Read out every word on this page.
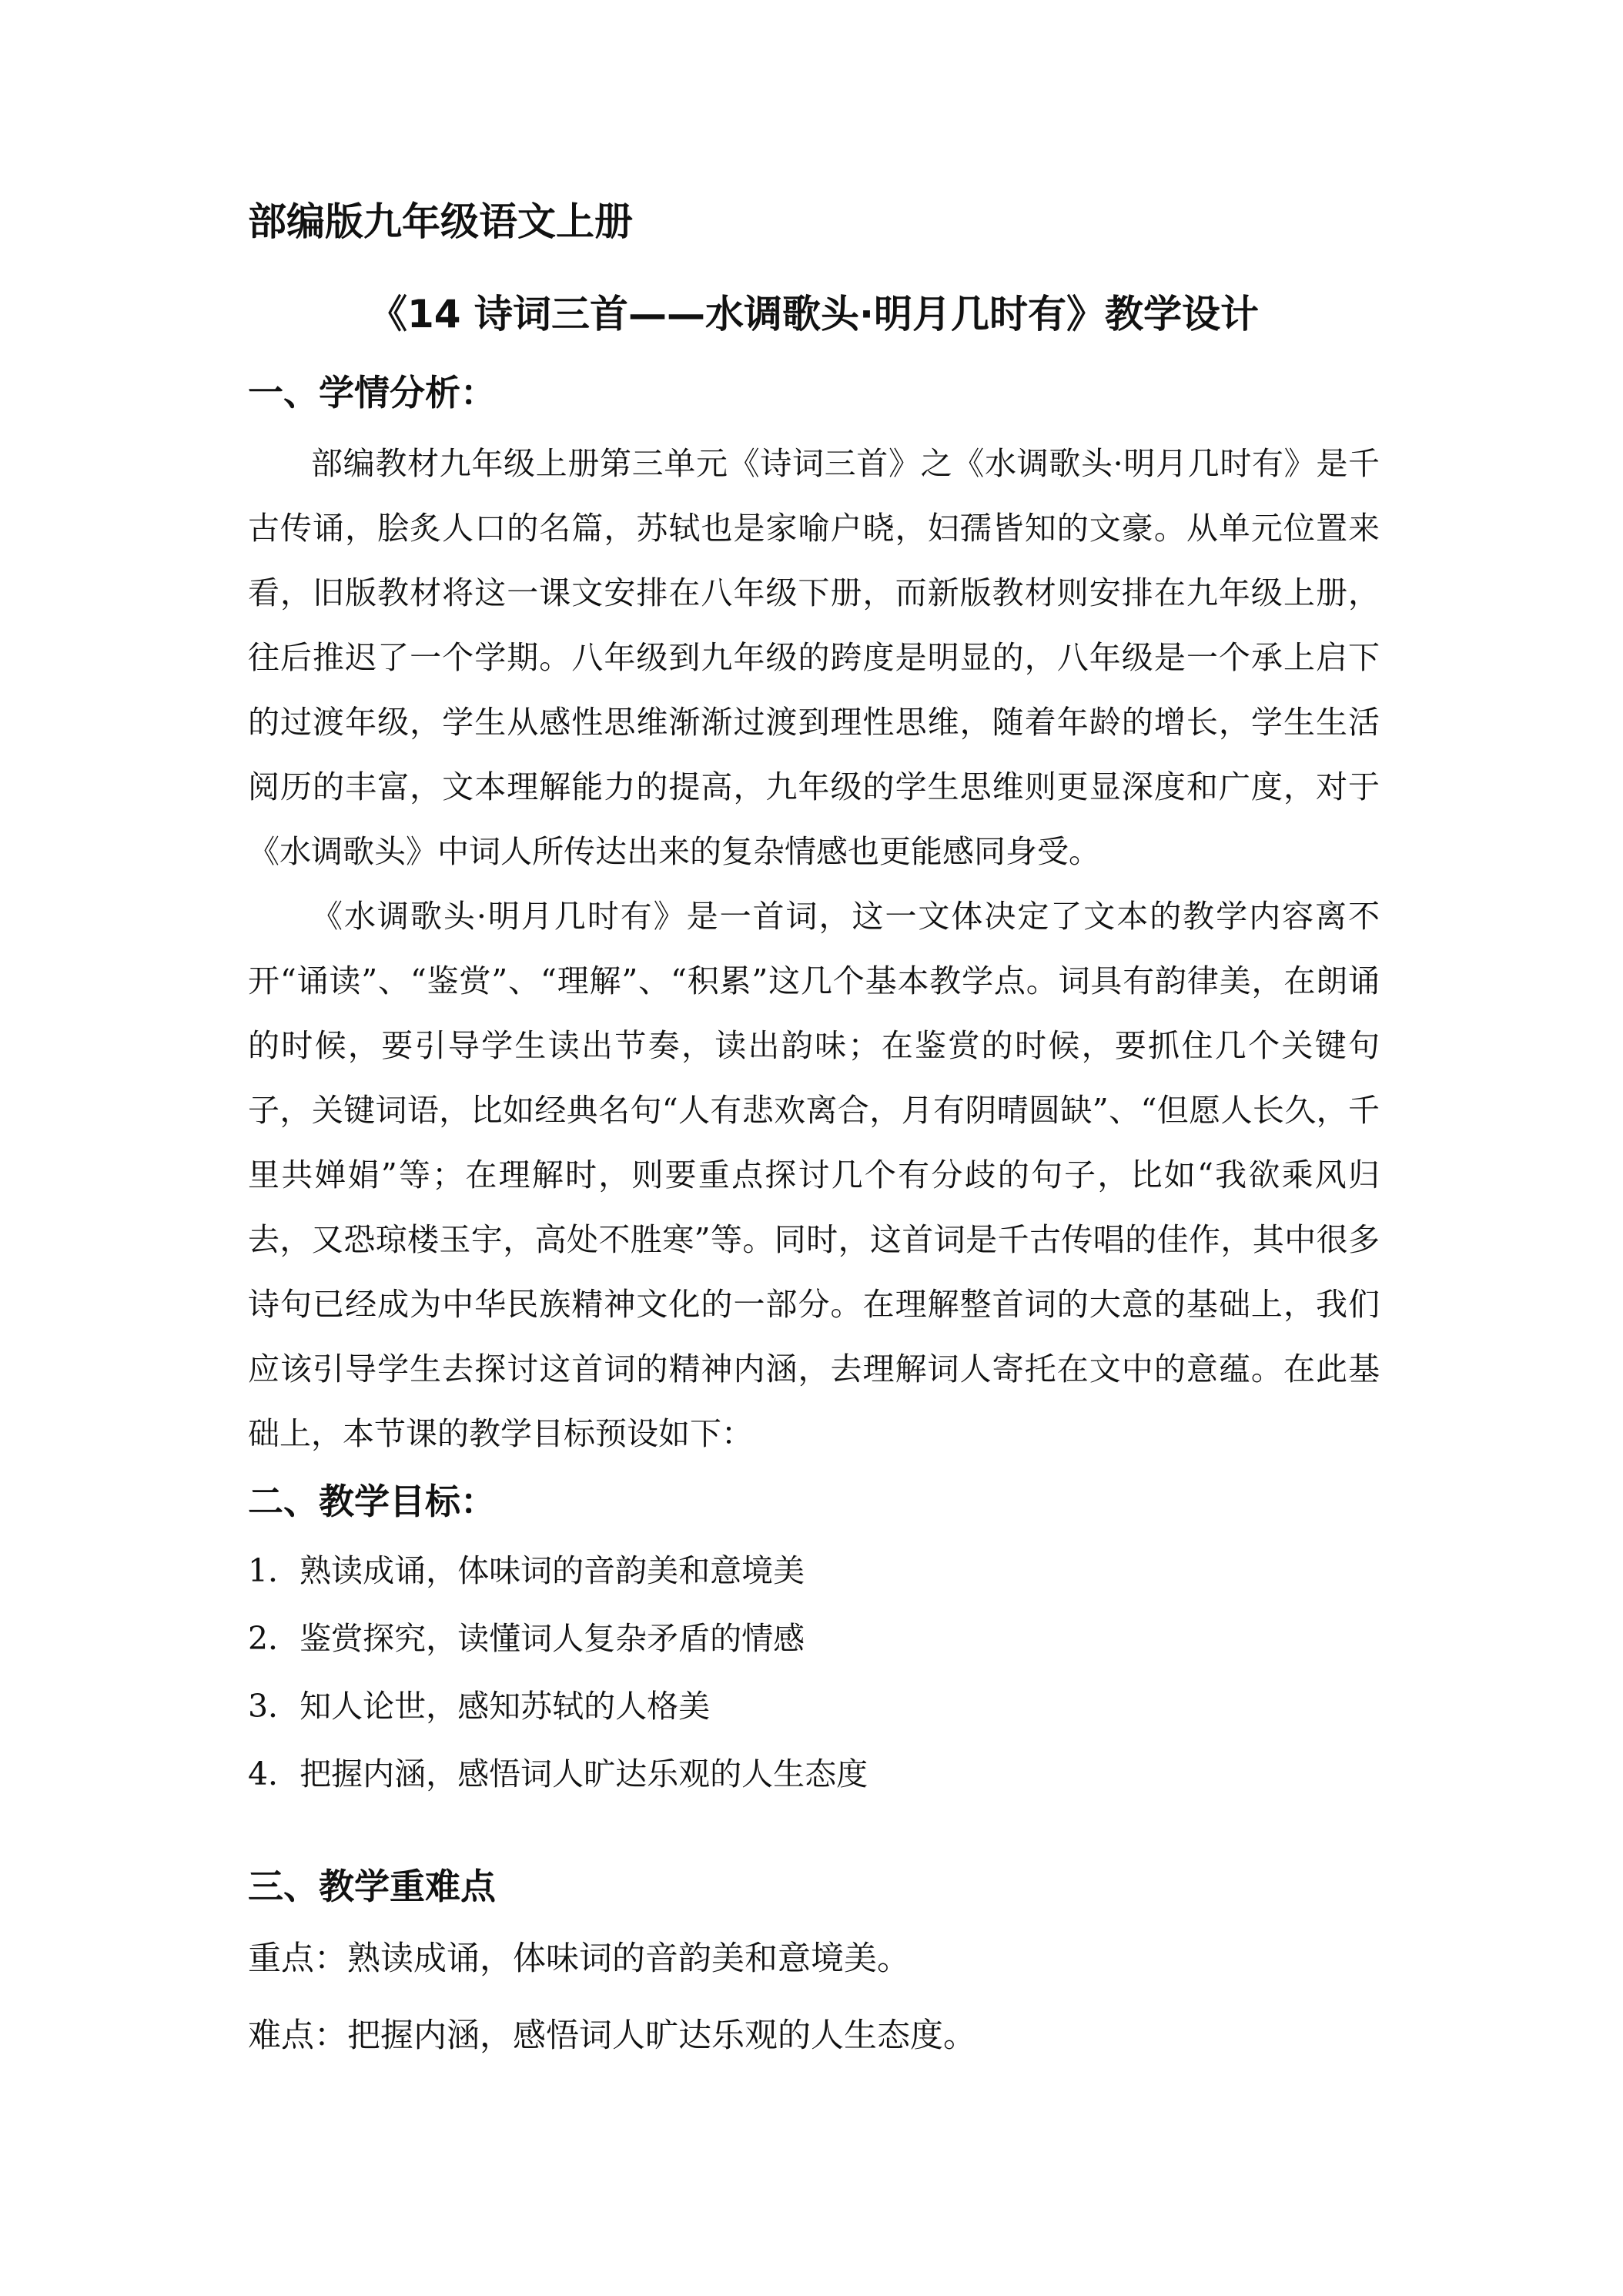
部编版九年级语文上册
《14 诗词三首——水调歌头·明月几时有》教学设计
一、学情分析：

部编教材九年级上册第三单元《诗词三首》之《水调歌头·明月几时有》是千古传诵，脍炙人口的名篇，苏轼也是家喻户晓，妇孺皆知的文豪。从单元位置来看，旧版教材将这一课文安排在八年级下册，而新版教材则安排在九年级上册，往后推迟了一个学期。八年级到九年级的跨度是明显的，八年级是一个承上启下的过渡年级，学生从感性思维渐渐过渡到理性思维，随着年龄的增长，学生生活阅历的丰富，文本理解能力的提高，九年级的学生思维则更显深度和广度，对于《水调歌头》中词人所传达出来的复杂情感也更能感同身受。

《水调歌头·明月几时有》是一首词，这一文体决定了文本的教学内容离不开“诵读”、“鉴赏”、“理解”、“积累”这几个基本教学点。词具有韵律美，在朗诵的时候，要引导学生读出节奏，读出韵味；在鉴赏的时候，要抓住几个关键句子，关键词语，比如经典名句“人有悲欢离合，月有阴晴圆缺”、“但愿人长久，千里共婵娟”等；在理解时，则要重点探讨几个有分歧的句子，比如“我欲乘风归去，又恐琼楼玉宇，高处不胜寒”等。同时，这首词是千古传唱的佳作，其中很多诗句已经成为中华民族精神文化的一部分。在理解整首词的大意的基础上，我们应该引导学生去探讨这首词的精神内涵，去理解词人寄托在文中的意蕴。在此基础上，本节课的教学目标预设如下：

二、教学目标：
1．熟读成诵，体味词的音韵美和意境美
2．鉴赏探究，读懂词人复杂矛盾的情感
3．知人论世，感知苏轼的人格美
4．把握内涵，感悟词人旷达乐观的人生态度
三、教学重难点

重点：熟读成诵，体味词的音韵美和意境美。

难点：把握内涵，感悟词人旷达乐观的人生态度。
